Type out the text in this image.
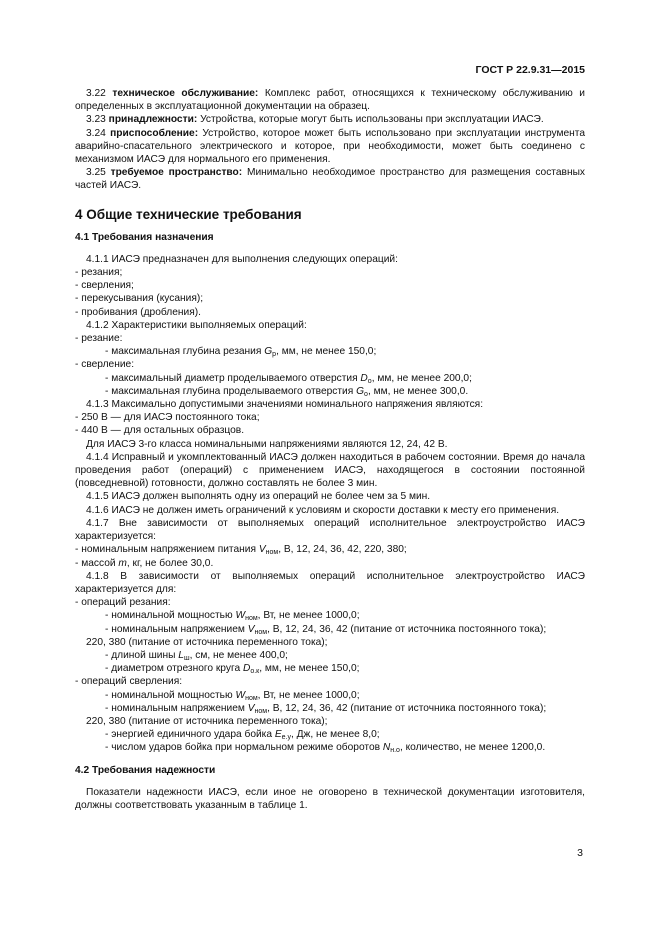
ГОСТ Р 22.9.31—2015

3.22 техническое обслуживание: Комплекс работ, относящихся к техническому обслуживанию и определенных в эксплуатационной документации на образец.

3.23 принадлежности: Устройства, которые могут быть использованы при эксплуатации ИАСЭ.

3.24 приспособление: Устройство, которое может быть использовано при эксплуатации инструмента аварийно-спасательного электрического и которое, при необходимости, может быть соединено с механизмом ИАСЭ для нормального его применения.

3.25 требуемое пространство: Минимально необходимое пространство для размещения составных частей ИАСЭ.

4 Общие технические требования

4.1 Требования назначения

4.1.1 ИАСЭ предназначен для выполнения следующих операций:

- резания;

- сверления;

- перекусывания (кусания);

- пробивания (дробления).

4.1.2 Характеристики выполняемых операций:

- резание:

- максимальная глубина резания $G_р$, мм, не менее 150,0;

- сверление:

- максимальный диаметр проделываемого отверстия $D_о$, мм, не менее 200,0;

- максимальная глубина проделываемого отверстия $G_о$, мм, не менее 300,0.

4.1.3 Максимально допустимыми значениями номинального напряжения являются:

- 250 В — для ИАСЭ постоянного тока;

- 440 В — для остальных образцов.

Для ИАСЭ 3-го класса номинальными напряжениями являются 12, 24, 42 В.

4.1.4 Исправный и укомплектованный ИАСЭ должен находиться в рабочем состоянии. Время до начала проведения работ (операций) с применением ИАСЭ, находящегося в состоянии постоянной (повседневной) готовности, должно составлять не более 3 мин.

4.1.5 ИАСЭ должен выполнять одну из операций не более чем за 5 мин.

4.1.6 ИАСЭ не должен иметь ограничений к условиям и скорости доставки к месту его применения.

4.1.7 Вне зависимости от выполняемых операций исполнительное электроустройство ИАСЭ характеризуется:

- номинальным напряжением питания $V_{ном}$, В, 12, 24, 36, 42, 220, 380;

- массой m, кг, не более 30,0.

4.1.8 В зависимости от выполняемых операций исполнительное электроустройство ИАСЭ характеризуется для:

- операций резания:

- номинальной мощностью $W_{ном}$, Вт, не менее 1000,0;

- номинальным напряжением $V_{ном}$, В, 12, 24, 36, 42 (питание от источника постоянного тока);

220, 380 (питание от источника переменного тока);

- длиной шины $L_ш$, см, не менее 400,0;

- диаметром отрезного круга $D_{о.к}$, мм, не менее 150,0;

- операций сверления:

- номинальной мощностью $W_{ном}$, Вт, не менее 1000,0;

- номинальным напряжением $V_{ном}$, В, 12, 24, 36, 42 (питание от источника постоянного тока);

220, 380 (питание от источника переменного тока);

- энергией единичного удара бойка $E_{е.у}$, Дж, не менее 8,0;

- числом ударов бойка при нормальном режиме оборотов $N_{н.о}$, количество, не менее 1200,0.

4.2 Требования надежности

Показатели надежности ИАСЭ, если иное не оговорено в технической документации изготовителя, должны соответствовать указанным в таблице 1.

3
